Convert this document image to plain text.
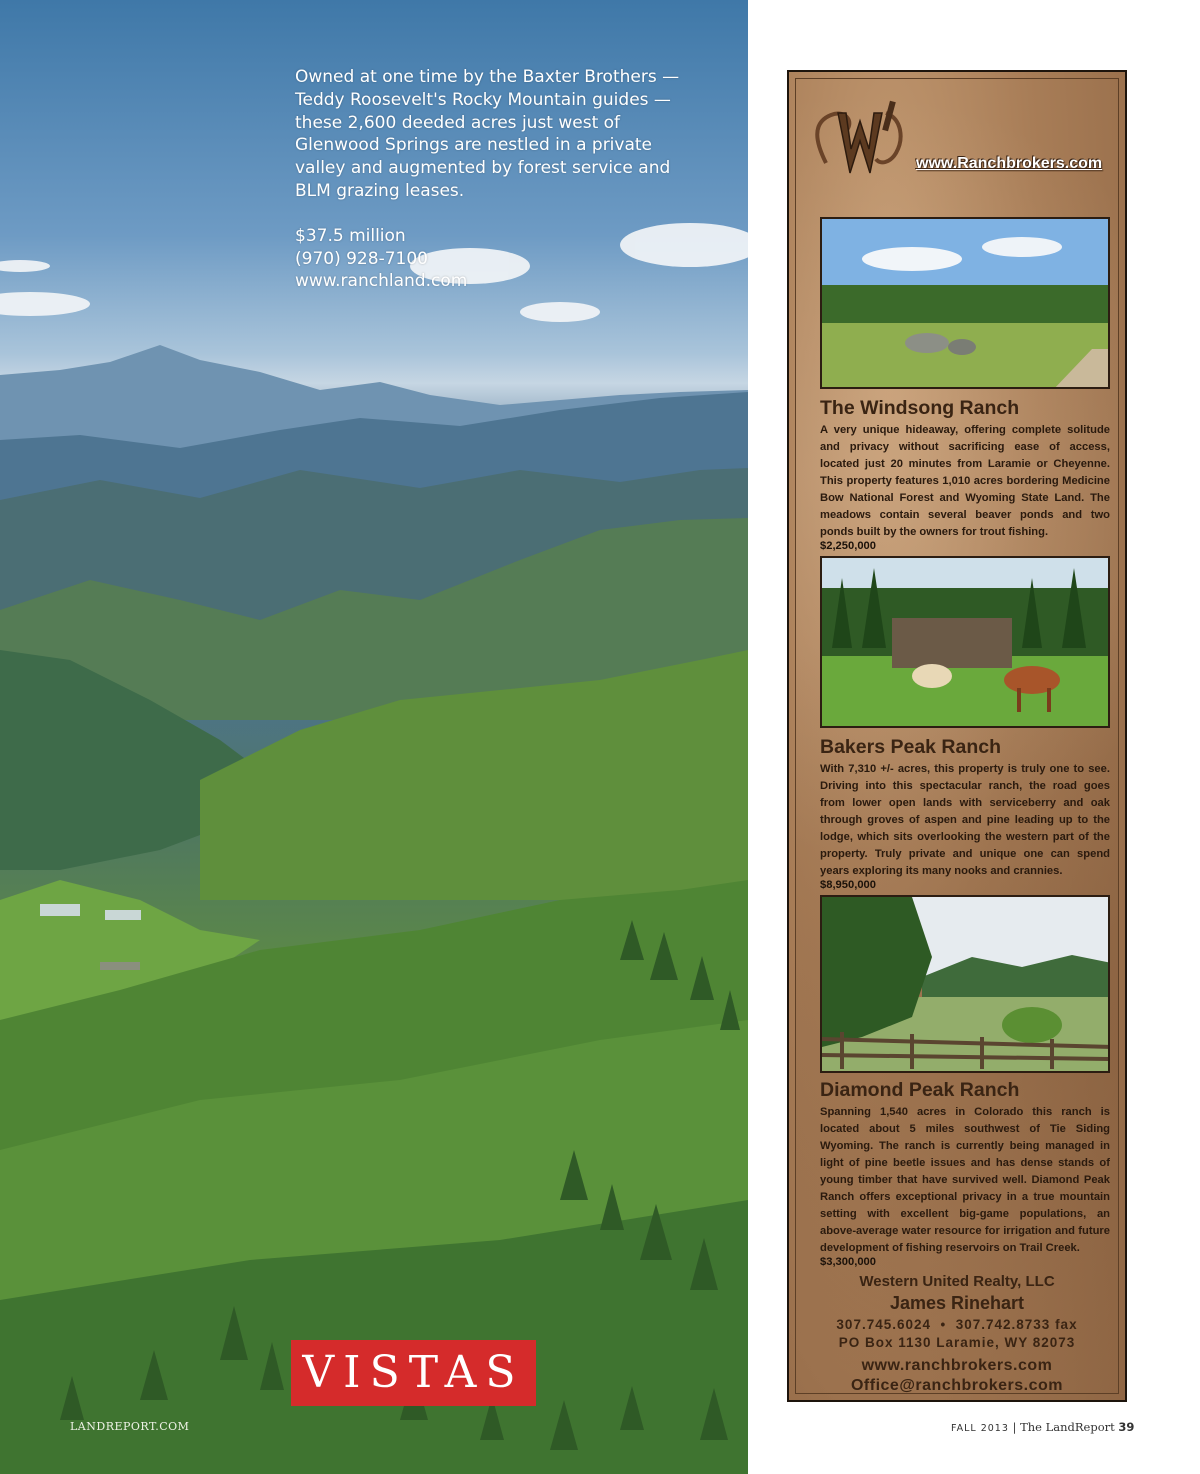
Owned at one time by the Baxter Brothers — Teddy Roosevelt's Rocky Mountain guides — these 2,600 deeded acres just west of Glenwood Springs are nestled in a private valley and augmented by forest service and BLM grazing leases.

$37.5 million

(970) 928-7100

www.ranchland.com

VISTAS
LANDREPORT.COM
www.Ranchbrokers.com
The Windsong Ranch

A very unique hideaway, offering complete solitude and privacy without sacrificing ease of access, located just 20 minutes from Laramie or Cheyenne. This property features 1,010 acres bordering Medicine Bow National Forest and Wyoming State Land. The meadows contain several beaver ponds and two ponds built by the owners for trout fishing.

$2,250,000
Bakers Peak Ranch

With 7,310 +/- acres, this property is truly one to see. Driving into this spectacular ranch, the road goes from lower open lands with serviceberry and oak through groves of aspen and pine leading up to the lodge, which sits overlooking the western part of the property. Truly private and unique one can spend years exploring its many nooks and crannies.

$8,950,000
Diamond Peak Ranch

Spanning 1,540 acres in Colorado this ranch is located about 5 miles southwest of Tie Siding Wyoming. The ranch is currently being managed in light of pine beetle issues and has dense stands of young timber that have survived well. Diamond Peak Ranch offers exceptional privacy in a true mountain setting with excellent big-game populations, an above-average water resource for irrigation and future development of fishing reservoirs on Trail Creek.

$3,300,000
Western United Realty, LLC
James Rinehart
307.745.6024  •  307.742.8733 fax
PO Box 1130 Laramie, WY 82073
www.ranchbrokers.com
Office@ranchbrokers.com
FALL 2013 | The LandReport 39
